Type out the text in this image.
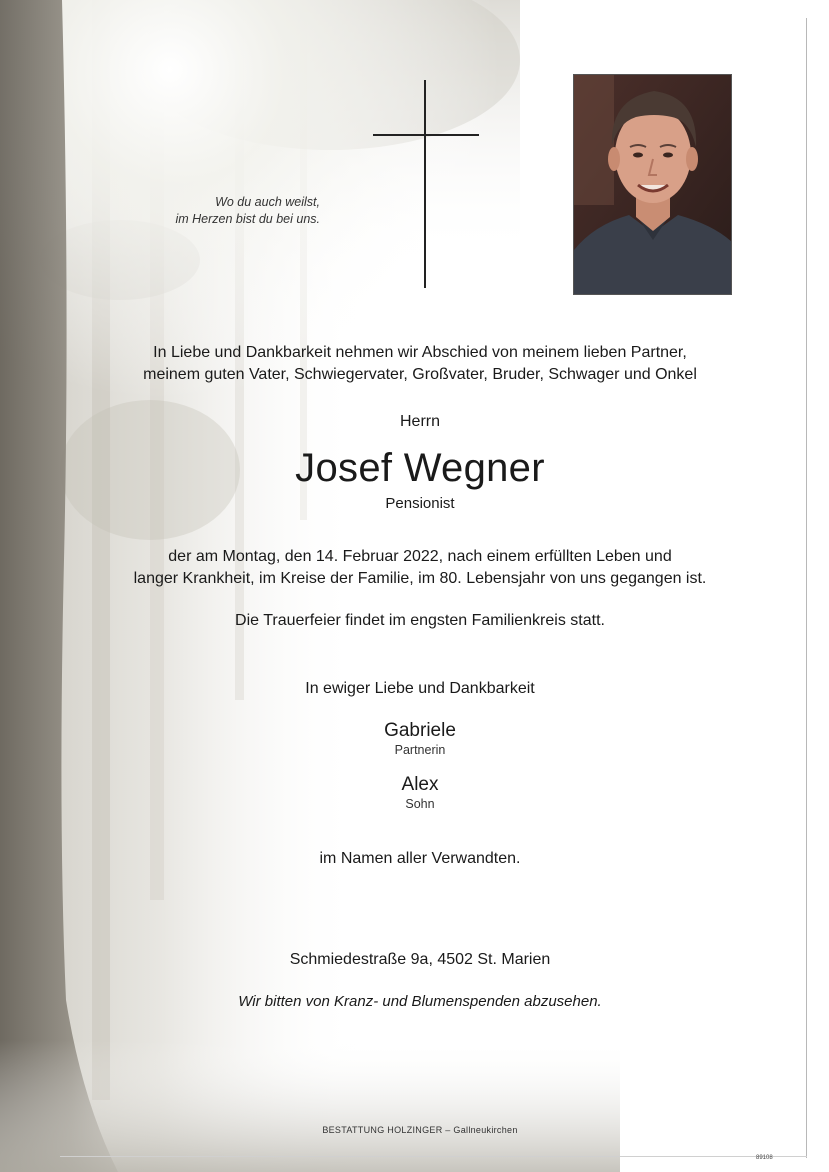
Wo du auch weilst,
im Herzen bist du bei uns.
In Liebe und Dankbarkeit nehmen wir Abschied von meinem lieben Partner,
meinem guten Vater, Schwiegervater, Großvater, Bruder, Schwager und Onkel
Herrn
Josef Wegner
Pensionist
der am Montag, den 14. Februar 2022, nach einem erfüllten Leben und
langer Krankheit, im Kreise der Familie, im 80. Lebensjahr von uns gegangen ist.
Die Trauerfeier findet im engsten Familienkreis statt.
In ewiger Liebe und Dankbarkeit
Gabriele
Partnerin
Alex
Sohn
im Namen aller Verwandten.
Schmiedestraße 9a, 4502 St. Marien
Wir bitten von Kranz- und Blumenspenden abzusehen.
BESTATTUNG HOLZINGER – Gallneukirchen
89108
